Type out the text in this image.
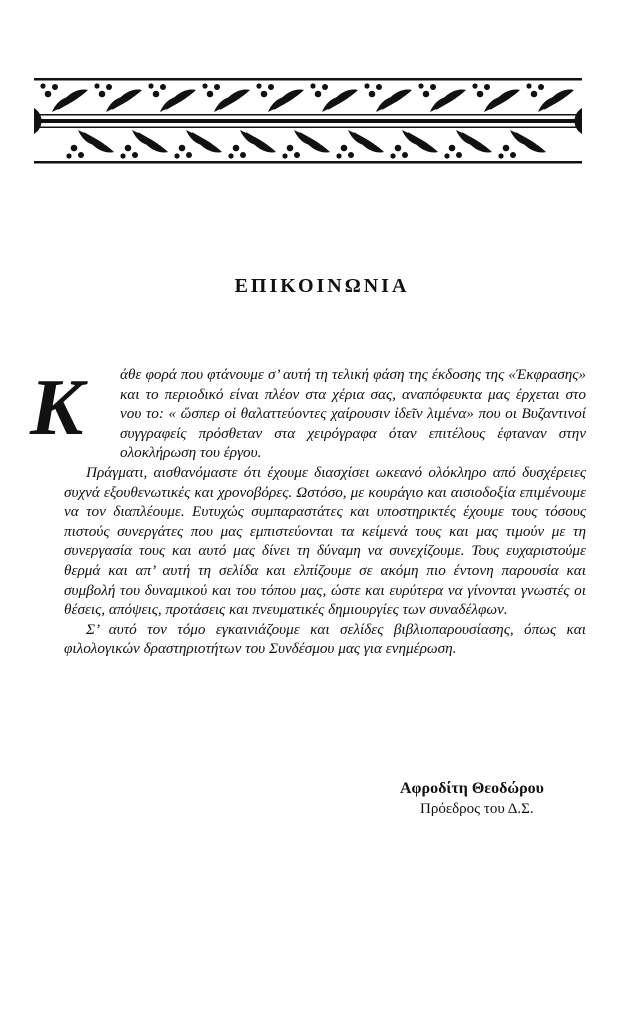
ΕΠΙΚΟΙΝΩΝΙΑ
Κ	άθε φορά που φτάνουμε σ’ αυτή τη τελική φάση της έκδοσης της «Έκφρασης» και το περιοδικό είναι πλέον στα χέρια σας, αναπόφευκτα μας έρχεται στο νου το: « ὥσπερ οἱ θαλαττεύοντες χαίρουσιν ἰδεῖν λιμένα» που οι Βυζαντινοί συγγραφείς πρόσθεταν στα χειρόγραφα όταν επιτέλους έφταναν στην ολοκλήρωση του έργου.

Πράγματι, αισθανόμαστε ότι έχουμε διασχίσει ωκεανό ολόκληρο από δυσχέρειες συχνά εξουθενωτικές και χρονοβόρες. Ωστόσο, με κουράγιο και αισιοδοξία επιμένουμε να τον διαπλέουμε. Ευτυχώς συμπαραστάτες και υποστηρικτές έχουμε τους τόσους πιστούς συνεργάτες που μας εμπιστεύονται τα κείμενά τους και μας τιμούν με τη συνεργασία τους και αυτό μας δίνει τη δύναμη να συνεχίζουμε. Τους ευχαριστούμε θερμά και απ’ αυτή τη σελίδα και ελπίζουμε σε ακόμη πιο έντονη παρουσία και συμβολή του δυναμικού και του τόπου μας, ώστε και ευρύτερα να γίνονται γνωστές οι θέσεις, απόψεις, προτάσεις και πνευματικές δημιουργίες των συναδέλφων.

Σ’ αυτό τον τόμο εγκαινιάζουμε και σελίδες βιβλιοπαρουσίασης, όπως και φιλολογικών δραστηριοτήτων του Συνδέσμου μας για ενημέρωση.

Αφροδίτη Θεοδώρου
Πρόεδρος του Δ.Σ.
